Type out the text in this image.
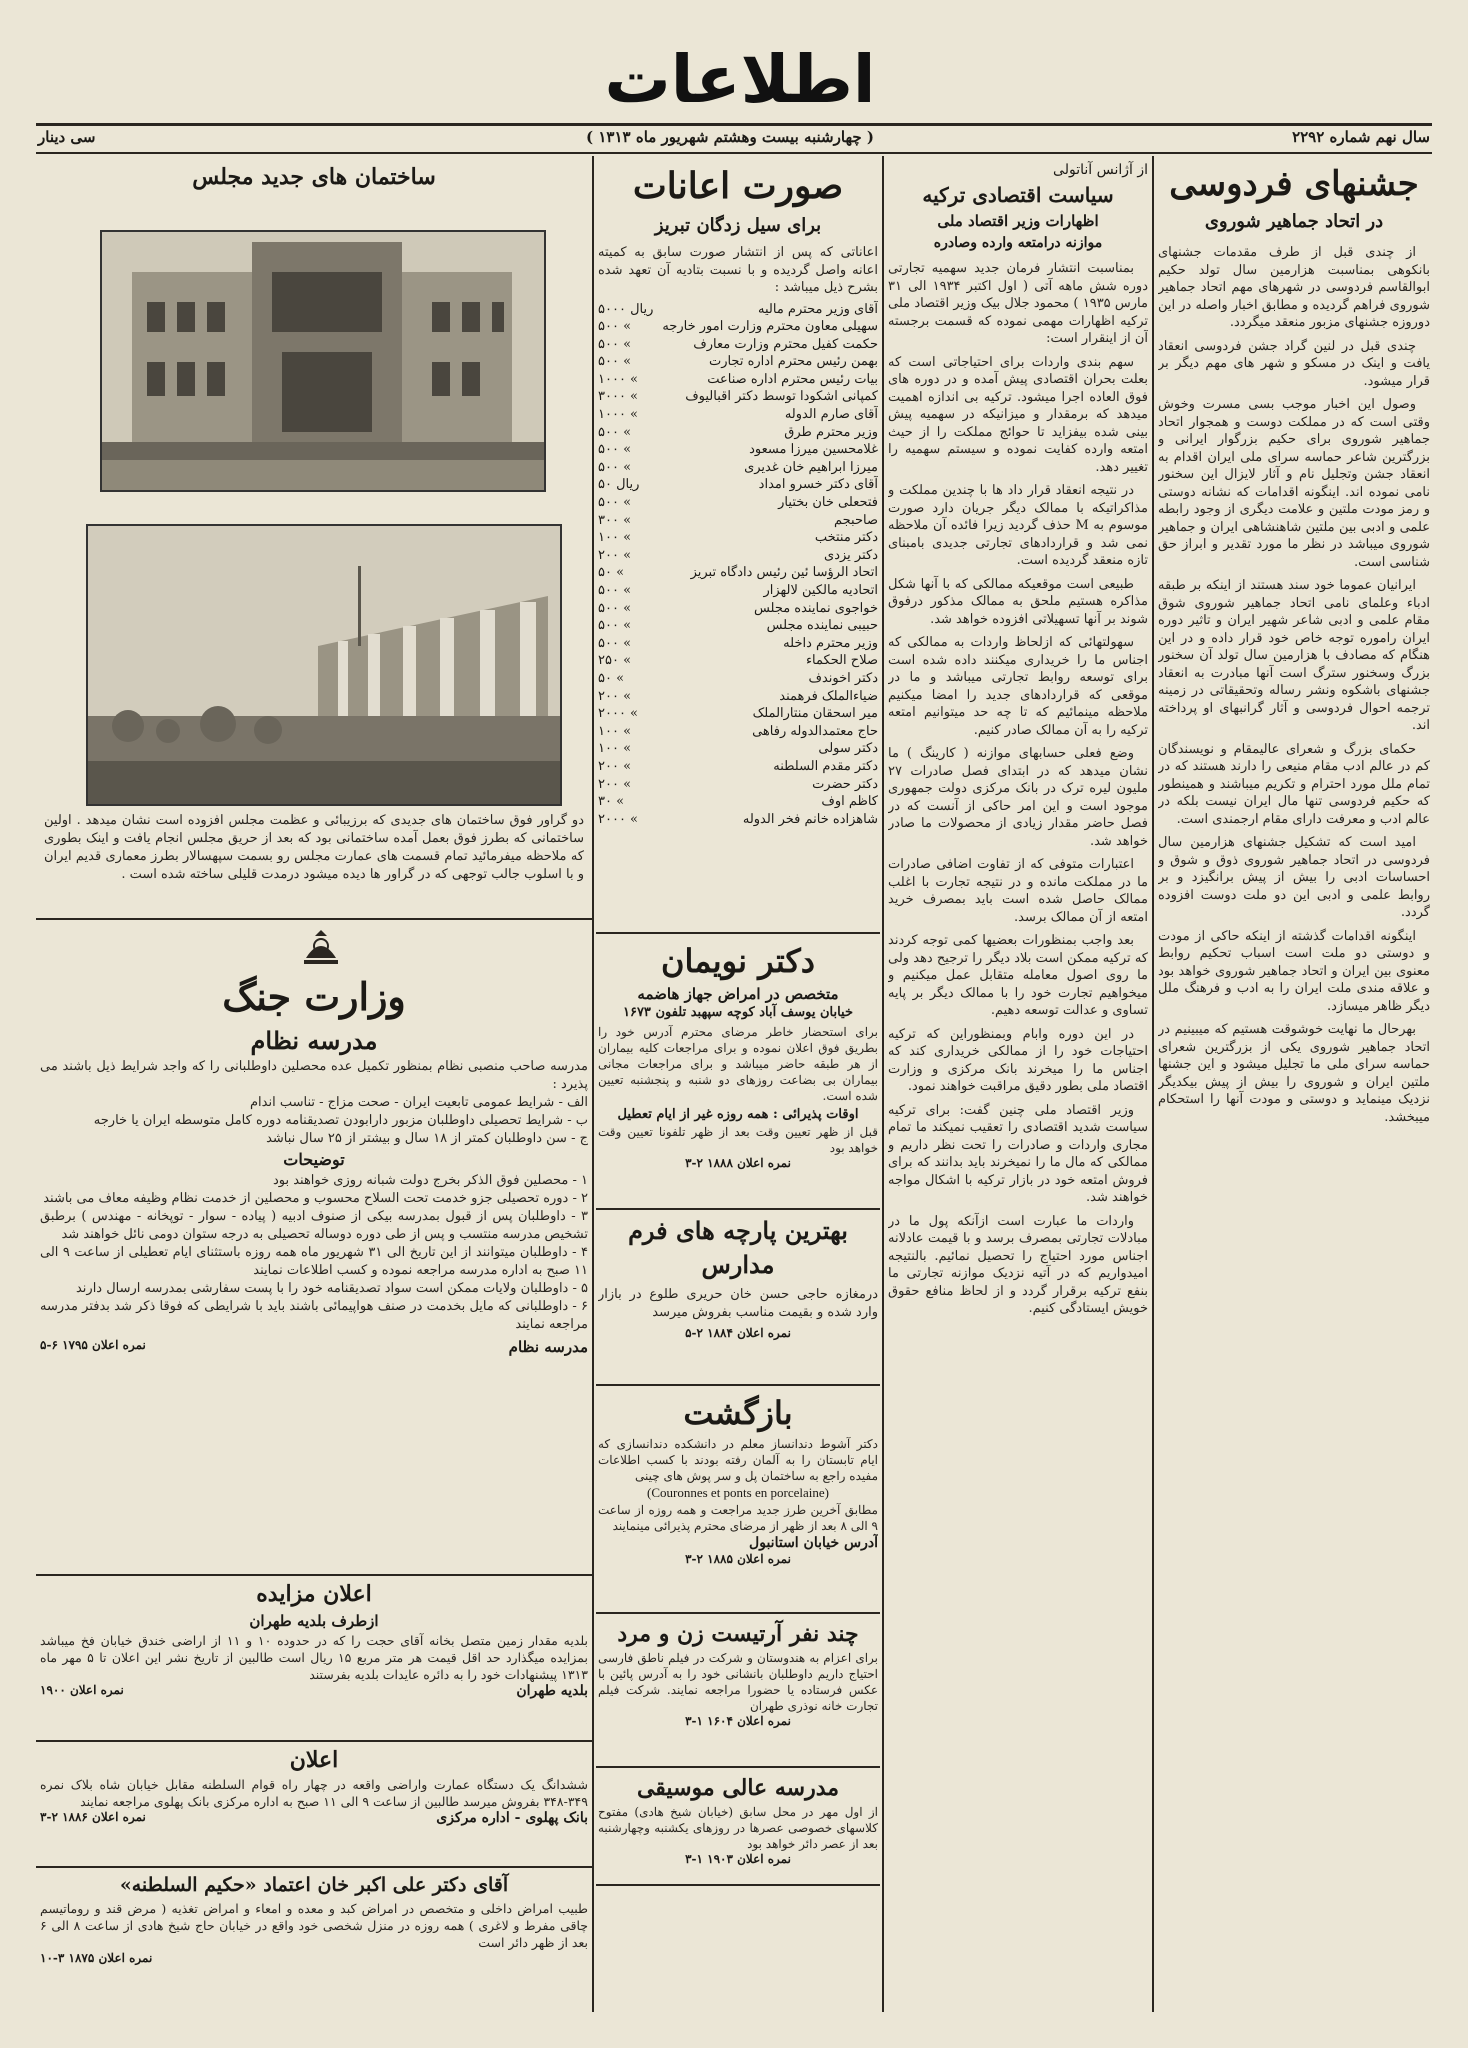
اطلاعات
سال نهم شماره ۲۲۹۲
( چهارشنبه بیست وهشتم شهریور ماه ۱۳۱۳ )
سی دینار
جشنهای فردوسی
در اتحاد جماهیر شوروی

از چندی قبل از طرف مقدمات جشنهای بانکوهی بمناسبت هزارمین سال تولد حکیم ابوالقاسم فردوسی در شهرهای مهم اتحاد جماهیر شوروی فراهم گردیده و مطابق اخبار واصله در این دوروزه جشنهای مزبور منعقد میگردد.

چندی قبل در لنین گراد جشن فردوسی انعقاد یافت و اینک در مسکو و شهر های مهم دیگر بر قرار میشود.

وصول این اخبار موجب بسی مسرت وخوش وقتی است که در مملکت دوست و همجوار اتحاد جماهیر شوروی برای حکیم بزرگوار ایرانی و بزرگترین شاعر حماسه سرای ملی ایران اقدام به انعقاد جشن وتجلیل نام و آثار لایزال این سخنور نامی نموده اند. اینگونه اقدامات که نشانه دوستی و رمز مودت ملتین و علامت دیگری از وجود رابطه علمی و ادبی بین ملتین شاهنشاهی ایران و جماهیر شوروی میباشد در نظر ما مورد تقدیر و ابراز حق شناسی است.

ایرانیان عموما خود سند هستند از اینکه بر طبقه ادباء وعلمای نامی اتحاد جماهیر شوروی شوق مقام علمی و ادبی شاعر شهیر ایران و تاثیر دوره ایران راموره توجه خاص خود قرار داده و در این هنگام که مصادف با هزارمین سال تولد آن سخنور بزرگ وسخنور سترگ است آنها مبادرت به انعقاد جشنهای باشکوه ونشر رساله وتحقیقاتی در زمینه ترجمه احوال فردوسی و آثار گرانبهای او پرداخته اند.

حکمای بزرگ و شعرای عالیمقام و نویسندگان کم در عالم ادب مقام منیعی را دارند هستند که در تمام ملل مورد احترام و تکریم میباشند و همینطور که حکیم فردوسی تنها مال ایران نیست بلکه در عالم ادب و معرفت دارای مقام ارجمندی است.

امید است که تشکیل جشنهای هزارمین سال فردوسی در اتحاد جماهیر شوروی ذوق و شوق و احساسات ادبی را بیش از پیش برانگیزد و بر روابط علمی و ادبی این دو ملت دوست افزوده گردد.

اینگونه اقدامات گذشته از اینکه حاکی از مودت و دوستی دو ملت است اسباب تحکیم روابط معنوی بین ایران و اتحاد جماهیر شوروی خواهد بود و علاقه مندی ملت ایران را به ادب و فرهنگ ملل دیگر ظاهر میسازد.

بهرحال ما نهایت خوشوقت هستیم که میبینیم در اتحاد جماهیر شوروی یکی از بزرگترین شعرای حماسه سرای ملی ما تجلیل میشود و این جشنها ملتین ایران و شوروی را بیش از پیش بیکدیگر نزدیک مینماید و دوستی و مودت آنها را استحکام میبخشد.

از آژانس آناتولی
سیاست اقتصادی ترکیه
اظهارات وزیر اقتصاد ملی
موازنه درامتعه وارده وصادره

بمناسبت انتشار فرمان جدید سهمیه تجارتی دوره شش ماهه آتی ( اول اکتبر ۱۹۳۴ الی ۳۱ مارس ۱۹۳۵ ) محمود جلال بیک وزیر اقتصاد ملی ترکیه اظهارات مهمی نموده که قسمت برجسته آن از اینقرار است:

سهم بندی واردات برای احتیاجاتی است که بعلت بحران اقتصادی پیش آمده و در دوره های فوق العاده اجرا میشود. ترکیه بی اندازه اهمیت میدهد که برمقدار و میزانیکه در سهمیه پیش بینی شده بیفزاید تا حوائج مملکت را از حیث امتعه وارده کفایت نموده و سیستم سهمیه را تغییر دهد.

در نتیجه انعقاد قرار داد ها با چندین مملکت و مذاکراتیکه با ممالک دیگر جریان دارد صورت موسوم به M حذف گردید زیرا فائده آن ملاحظه نمی شد و قراردادهای تجارتی جدیدی بامبنای تازه منعقد گردیده است.

طبیعی است موقعیکه ممالکی که با آنها شکل مذاکره هستیم ملحق به ممالک مذکور درفوق شوند بر آنها تسهیلاتی افزوده خواهد شد.

سهولتهائی که ازلحاظ واردات به ممالکی که اجناس ما را خریداری میکنند داده شده است برای توسعه روابط تجارتی میباشد و ما در موقعی که قراردادهای جدید را امضا میکنیم ملاحظه مینمائیم که تا چه حد میتوانیم امتعه ترکیه را به آن ممالک صادر کنیم.

وضع فعلی حسابهای موازنه ( کارینگ ) ما نشان میدهد که در ابتدای فصل صادرات ۲۷ ملیون لیره ترک در بانک مرکزی دولت جمهوری موجود است و این امر حاکی از آنست که در فصل حاضر مقدار زیادی از محصولات ما صادر خواهد شد.

اعتبارات متوفی که از تفاوت اضافی صادرات ما در مملکت مانده و در نتیجه تجارت با اغلب ممالک حاصل شده است باید بمصرف خرید امتعه از آن ممالک برسد.

بعد واجب بمنظورات بعضیها کمی توجه کردند که ترکیه ممکن است بلاد دیگر را ترجیح دهد ولی ما روی اصول معامله متقابل عمل میکنیم و میخواهیم تجارت خود را با ممالک دیگر بر پایه تساوی و عدالت توسعه دهیم.

در این دوره وابام وبمنظوراین که ترکیه احتیاجات خود را از ممالکی خریداری کند که اجناس ما را میخرند بانک مرکزی و وزارت اقتصاد ملی بطور دقیق مراقبت خواهند نمود.

وزیر اقتصاد ملی چنین گفت: برای ترکیه سیاست شدید اقتصادی را تعقیب نمیکند ما تمام مجاری واردات و صادرات را تحت نظر داریم و ممالکی که مال ما را نمیخرند باید بدانند که برای فروش امتعه خود در بازار ترکیه با اشکال مواجه خواهند شد.

واردات ما عبارت است ازآنکه پول ما در مبادلات تجارتی بمصرف برسد و با قیمت عادلانه اجناس مورد احتیاج را تحصیل نمائیم. بالنتیجه امیدواریم که در آتیه نزدیک موازنه تجارتی ما بنفع ترکیه برقرار گردد و از لحاظ منافع حقوق خویش ایستادگی کنیم.

صورت اعانات
برای سیل زدگان تبریز
اعاناتی که پس از انتشار صورت سابق به کمیته اعانه واصل گردیده و با نسبت بتادیه آن تعهد شده بشرح ذیل میباشد :
آقای وزیر محترم مالیه
۵۰۰۰ ریال
سهیلی معاون محترم وزارت امور خارجه
۵۰۰ «
حکمت کفیل محترم وزارت معارف
۵۰۰ «
بهمن رئیس محترم اداره تجارت
۵۰۰ «
بیات رئیس محترم اداره صناعت
۱۰۰۰ «
کمپانی اشکودا توسط دکتر اقبالیوف
۳۰۰۰ «
آقای صارم الدوله
۱۰۰۰ «
وزیر محترم طرق
۵۰۰ «
غلامحسین میرزا مسعود
۵۰۰ «
میرزا ابراهیم خان غدیری
۵۰۰ «
آقای دکتر خسرو امداد
۵۰ ریال
فتحعلی خان بختیار
۵۰۰ «
صاحبجم
۳۰۰ «
دکتر منتخب
۱۰۰ «
دکتر یزدی
۲۰۰ «
اتحاد الرؤسا ئین رئیس دادگاه تبریز
۵۰ «
اتحادیه مالکین لالهزار
۵۰۰ «
خواجوی نماینده مجلس
۵۰۰ «
حبیبی نماینده مجلس
۵۰۰ «
وزیر محترم داخله
۵۰۰ «
صلاح الحکماء
۲۵۰ «
دکتر اخوندف
۵۰ «
ضیاءالملک فرهمند
۲۰۰ «
میر اسحقان منتارالملک
۲۰۰۰ «
حاج معتمدالدوله رفاهی
۱۰۰ «
دکتر سولی
۱۰۰ «
دکتر مقدم السلطنه
۲۰۰ «
دکتر حضرت
۲۰۰ «
کاظم اوف
۳۰ «
شاهزاده خانم فخر الدوله
۲۰۰۰ «
دکتر نویمان
متخصص در امراض جهاز هاضمه
خیابان یوسف آباد کوچه سپهبد تلفون ۱۶۷۳
برای استحضار خاطر مرضای محترم آدرس خود را بطریق فوق اعلان نموده و برای مراجعات کلیه بیماران از هر طبقه حاضر میباشد و برای مراجعات مجانی بیماران بی بضاعت روزهای دو شنبه و پنجشنبه تعیین شده است.
اوقات پذیرائی : همه روزه غیر از ایام تعطیل
قبل از ظهر تعیین وقت بعد از ظهر تلفونا تعیین وقت خواهد بود
نمره اعلان ۱۸۸۸ ۲-۳
بهترین پارچه های فرم مدارس
درمغازه حاجی حسن خان حریری طلوع در بازار وارد شده و بقیمت مناسب بفروش میرسد
نمره اعلان ۱۸۸۴ ۲-۵
بازگشت
دکتر آشوط دندانساز معلم در دانشکده دندانسازی که ایام تابستان را به آلمان رفته بودند با کسب اطلاعات مفیده راجع به ساختمان پل و سر پوش های چینی
(Couronnes et ponts en porcelaine)
مطابق آخرین طرز جدید مراجعت و همه روزه از ساعت ۹ الی ۸ بعد از ظهر از مرضای محترم پذیرائی مینمایند
آدرس خیابان استانبول
نمره اعلان ۱۸۸۵ ۲-۳
چند نفر آرتیست زن و مرد
برای اعزام به هندوستان و شرکت در فیلم ناطق فارسی احتیاج داریم داوطلبان بانشانی خود را به آدرس پائین با عکس فرستاده یا حضورا مراجعه نمایند. شرکت فیلم تجارت خانه نوذری طهران
نمره اعلان ۱۶۰۴ ۱-۳
مدرسه عالی موسیقی
از اول مهر در محل سابق (خیابان شیخ هادی) مفتوح کلاسهای خصوصی عصرها در روزهای یکشنبه وچهارشنبه بعد از عصر دائر خواهد بود
نمره اعلان ۱۹۰۳ ۱-۳
ساختمان های جدید مجلس
دو گراور فوق ساختمان های جدیدی که برزیبائی و عظمت مجلس افزوده است نشان میدهد . اولین ساختمانی که بطرز فوق بعمل آمده ساختمانی بود که بعد از حریق مجلس انجام یافت و اینک بطوری که ملاحظه میفرمائید تمام قسمت های عمارت مجلس رو بسمت سپهسالار بطرز معماری قدیم ایران و با اسلوب جالب توجهی که در گراور ها دیده میشود درمدت قلیلی ساخته شده است .
وزارت جنگ
مدرسه نظام
مدرسه صاحب منصبی نظام بمنظور تکمیل عده محصلین داوطلبانی را که واجد شرایط ذیل باشند می پذیرد :
الف - شرایط عمومی تابعیت ایران - صحت مزاج - تناسب اندام
ب - شرایط تحصیلی داوطلبان مزبور دارابودن تصدیقنامه دوره کامل متوسطه ایران یا خارجه
ج - سن داوطلبان کمتر از ۱۸ سال و بیشتر از ۲۵ سال نباشد
توضیحات
۱ - محصلین فوق الذکر بخرج دولت شبانه روزی خواهند بود
۲ - دوره تحصیلی جزو خدمت تحت السلاح محسوب و محصلین از خدمت نظام وظیفه معاف می باشند
۳ - داوطلبان پس از قبول بمدرسه بیکی از صنوف ادبیه ( پیاده - سوار - توپخانه - مهندس ) برطبق تشخیص مدرسه منتسب و پس از طی دوره دوساله تحصیلی به درجه ستوان دومی نائل خواهند شد
۴ - داوطلبان میتوانند از این تاریخ الی ۳۱ شهریور ماه همه روزه باستثنای ایام تعطیلی از ساعت ۹ الی ۱۱ صبح به اداره مدرسه مراجعه نموده و کسب اطلاعات نمایند
۵ - داوطلبان ولایات ممکن است سواد تصدیقنامه خود را با پست سفارشی بمدرسه ارسال دارند
۶ - داوطلبانی که مایل بخدمت در صنف هواپیمائی باشند باید با شرایطی که فوقا ذکر شد بدفتر مدرسه مراجعه نمایند
مدرسه نظام
نمره اعلان ۱۷۹۵ ۶-۵
اعلان مزایده
ازطرف بلدیه طهران
بلدیه مقدار زمین متصل بخانه آقای حجت را که در حدوده ۱۰ و ۱۱ از اراضی خندق خیابان فخ میباشد بمزایده میگذارد حد اقل قیمت هر متر مربع ۱۵ ریال است طالبین از تاریخ نشر این اعلان تا ۵ مهر ماه ۱۳۱۳ پیشنهادات خود را به دائره عایدات بلدیه بفرستند
بلدیه طهران
نمره اعلان ۱۹۰۰
اعلان
ششدانگ یک دستگاه عمارت واراضی واقعه در چهار راه قوام السلطنه مقابل خیابان شاه بلاک نمره ۳۴۹-۳۴۸ بفروش میرسد طالبین از ساعت ۹ الی ۱۱ صبح به اداره مرکزی بانک پهلوی مراجعه نمایند
بانک پهلوی - اداره مرکزی
نمره اعلان ۱۸۸۶ ۲-۳
آقای دکتر علی اکبر خان اعتماد «حکیم السلطنه»
طبیب امراض داخلی و متخصص در امراض کبد و معده و امعاء و امراض تغذیه ( مرض قند و روماتیسم چاقی مفرط و لاغری ) همه روزه در منزل شخصی خود واقع در خیابان حاج شیخ هادی از ساعت ۸ الی ۶ بعد از ظهر دائر است
نمره اعلان ۱۸۷۵ ۳-۱۰
